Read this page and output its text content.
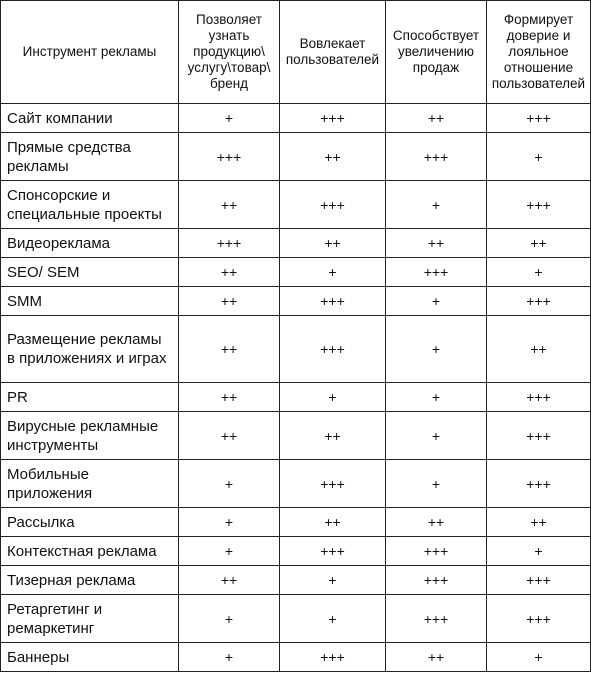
Инструмент рекламы	Позволяет узнать продукцию\ услугу\товар\ бренд	Вовлекает пользователей	Способствует увеличению продаж	Формирует доверие и лояльное отношение пользователей
Сайт компании	+	+++	++	+++
Прямые средства рекламы	+++	++	+++	+
Спонсорские и специальные проекты	++	+++	+	+++
Видеореклама	+++	++	++	++
SEO/ SEM	++	+	+++	+
SMM	++	+++	+	+++
Размещение рекламы в приложениях и играх	++	+++	+	++
PR	++	+	+	+++
Вирусные рекламные инструменты	++	++	+	+++
Мобильные приложения	+	+++	+	+++
Рассылка	+	++	++	++
Контекстная реклама	+	+++	+++	+
Тизерная реклама	++	+	+++	+++
Ретаргетинг и ремаркетинг	+	+	+++	+++
Баннеры	+	+++	++	+
